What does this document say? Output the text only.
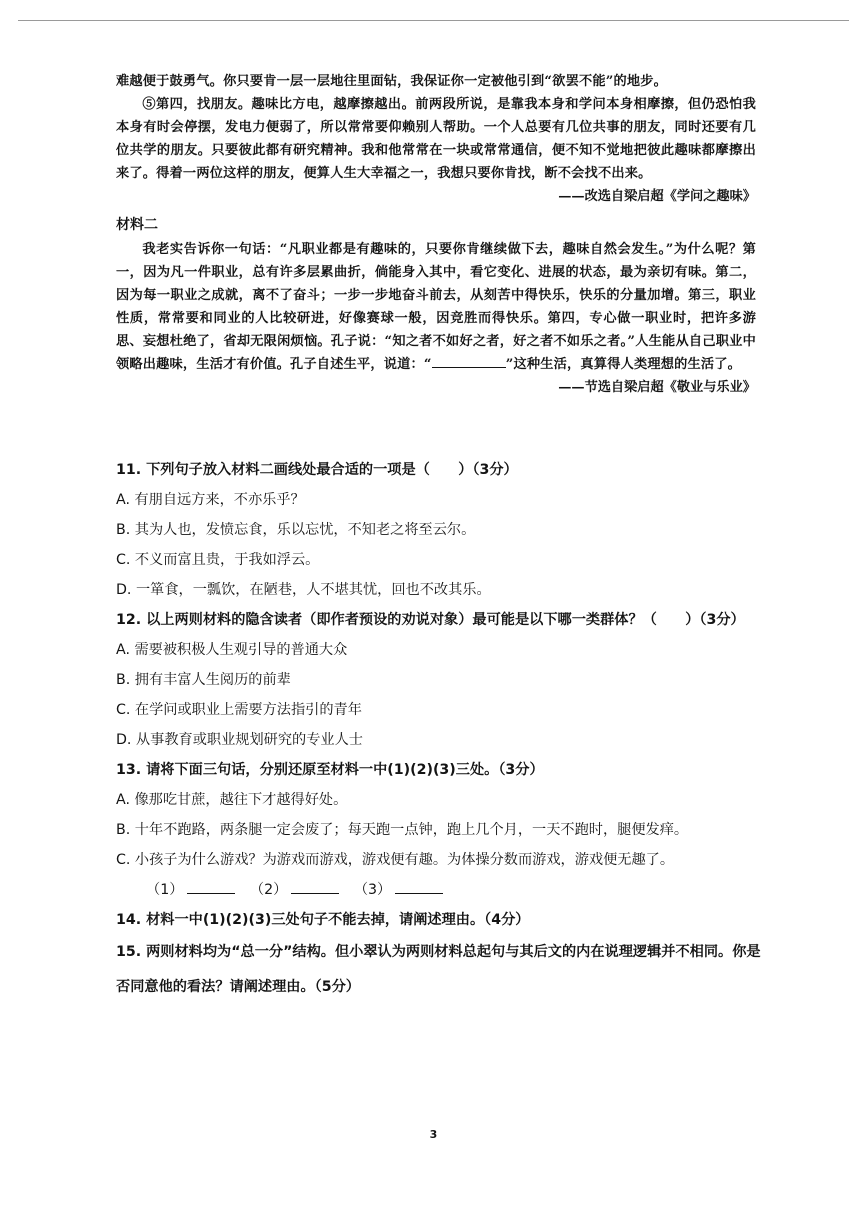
难越便于鼓勇气。你只要肯一层一层地往里面钻，我保证你一定被他引到“欲罢不能”的地步。

⑤第四，找朋友。趣味比方电，越摩擦越出。前两段所说，是靠我本身和学问本身相摩擦，但仍恐怕我本身有时会停摆，发电力便弱了，所以常常要仰赖别人帮助。一个人总要有几位共事的朋友，同时还要有几位共学的朋友。只要彼此都有研究精神。我和他常常在一块或常常通信，便不知不觉地把彼此趣味都摩擦出来了。得着一两位这样的朋友，便算人生大幸福之一，我想只要你肯找，断不会找不出来。

——改选自梁启超《学问之趣味》

材料二

我老实告诉你一句话：“凡职业都是有趣味的，只要你肯继续做下去，趣味自然会发生。”为什么呢？第一，因为凡一件职业，总有许多层累曲折，倘能身入其中，看它变化、进展的状态，最为亲切有味。第二，因为每一职业之成就，离不了奋斗；一步一步地奋斗前去，从刻苦中得快乐，快乐的分量加增。第三，职业性质，常常要和同业的人比较研进，好像赛球一般，因竞胜而得快乐。第四，专心做一职业时，把许多游思、妄想杜绝了，省却无限闲烦恼。孔子说：“知之者不如好之者，好之者不如乐之者。”人生能从自己职业中领略出趣味，生活才有价值。孔子自述生平，说道：“	”这种生活，真算得人类理想的生活了。

——节选自梁启超《敬业与乐业》

11. 下列句子放入材料二画线处最合适的一项是（　　）（3分）

A. 有朋自远方来，不亦乐乎？

B. 其为人也，发愤忘食，乐以忘忧，不知老之将至云尔。

C. 不义而富且贵，于我如浮云。

D. 一箪食，一瓢饮，在陋巷，人不堪其忧，回也不改其乐。

12. 以上两则材料的隐含读者（即作者预设的劝说对象）最可能是以下哪一类群体？（　　）（3分）

A. 需要被积极人生观引导的普通大众

B. 拥有丰富人生阅历的前辈

C. 在学问或职业上需要方法指引的青年

D. 从事教育或职业规划研究的专业人士

13. 请将下面三句话，分别还原至材料一中(1)(2)(3)三处。（3分）

A. 像那吃甘蔗，越往下才越得好处。

B. 十年不跑路，两条腿一定会废了；每天跑一点钟，跑上几个月，一天不跑时，腿便发痒。

C. 小孩子为什么游戏？为游戏而游戏，游戏便有趣。为体操分数而游戏，游戏便无趣了。

（1）	（2）	（3）

14. 材料一中(1)(2)(3)三处句子不能去掉，请阐述理由。（4分）

15. 两则材料均为“总一分”结构。但小翠认为两则材料总起句与其后文的内在说理逻辑并不相同。你是否同意他的看法？请阐述理由。（5分）

3
